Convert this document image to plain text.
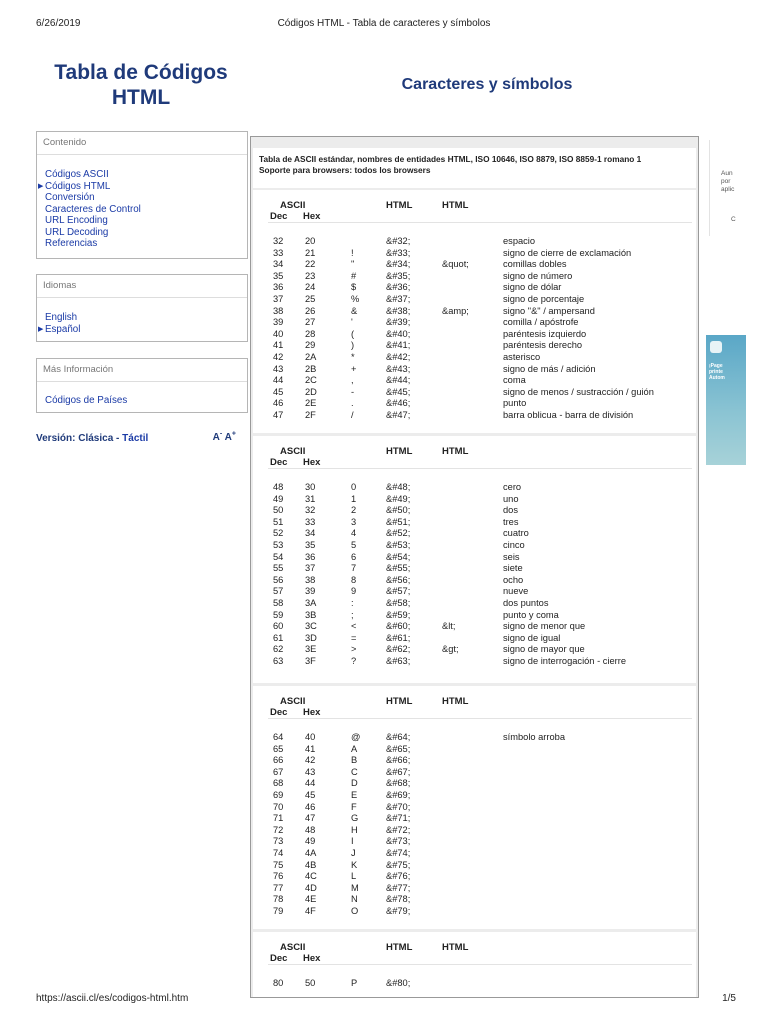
6/26/2019	Códigos HTML - Tabla de caracteres y símbolos
Tabla de Códigos
HTML
Caracteres y símbolos
Contenido
Códigos ASCII
▶ Códigos HTML
Conversión
Caracteres de Control
URL Encoding
URL Decoding
Referencias
Idiomas
English
▶ Español
Más Información
Códigos de Países
Versión: Clásica - Táctil	A- A+
Tabla de ASCII estándar, nombres de entidades HTML, ISO 10646, ISO 8879, ISO 8859-1 romano 1
Soporte para browsers: todos los browsers
ASCII
Dec Hex
HTML	HTML
32 20	&#32;	espacio
33 21	!	&#33;	signo de cierre de exclamación
34 22	"	&#34;	&quot;	comillas dobles
35 23	#	&#35;	signo de número
36 24	$	&#36;	signo de dólar
37 25	%	&#37;	signo de porcentaje
38 26	&	&#38;	&amp;	signo "&" / ampersand
39 27	'	&#39;	comilla / apóstrofe
40 28	(	&#40;	paréntesis izquierdo
41 29	)	&#41;	paréntesis derecho
42 2A	*	&#42;	asterisco
43 2B	+	&#43;	signo de más / adición
44 2C	,	&#44;	coma
45 2D	-	&#45;	signo de menos / sustracción / guión
46 2E	.	&#46;	punto
47 2F	/	&#47;	barra oblicua - barra de división
ASCII
Dec Hex
HTML	HTML
48 30	0	&#48;	cero
49 31	1	&#49;	uno
50 32	2	&#50;	dos
51 33	3	&#51;	tres
52 34	4	&#52;	cuatro
53 35	5	&#53;	cinco
54 36	6	&#54;	seis
55 37	7	&#55;	siete
56 38	8	&#56;	ocho
57 39	9	&#57;	nueve
58 3A	:	&#58;	dos puntos
59 3B	;	&#59;	punto y coma
60 3C	<	&#60;	&lt;	signo de menor que
61 3D	=	&#61;	signo de igual
62 3E	>	&#62;	&gt;	signo de mayor que
63 3F	?	&#63;	signo de interrogación - cierre
ASCII
Dec Hex
HTML	HTML
64 40	@	&#64;	símbolo arroba
65 41	A	&#65;
66 42	B	&#66;
67 43	C	&#67;
68 44	D	&#68;
69 45	E	&#69;
70 46	F	&#70;
71 47	G	&#71;
72 48	H	&#72;
73 49	I	&#73;
74 4A	J	&#74;
75 4B	K	&#75;
76 4C	L	&#76;
77 4D	M	&#77;
78 4E	N	&#78;
79 4F	O	&#79;
ASCII
Dec Hex
HTML	HTML
80 50	P	&#80;
Aun
por
aplic
C
¡Page
printe
Autom
https://ascii.cl/es/codigos-html.htm	1/5
